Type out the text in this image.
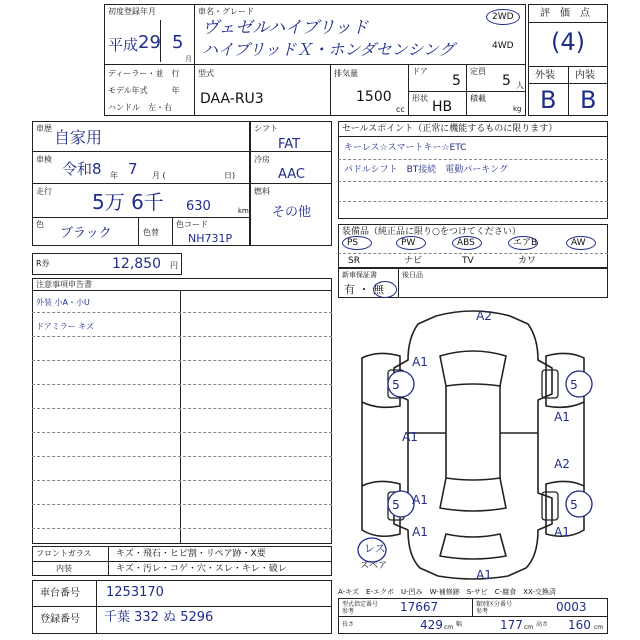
初度登録年月
平成 29 5
月
車名・グレード
ヴェゼルハイブリッド
ハイブリッドＸ・ホンダセンシング
2WD
4WD
ディーラー・並　行
モデル年式　　　年
ハンドル　左・右
型式
DAA-RU3
排気量
1500
cc
ドア
5
定員
5 人
形状
HB
積載
kg
評　価　点
(4)
外装 内装
B B
車歴 自家用
車検
令和8 年 7 月 (	日)
走行 5万 6千 630	km
色
ブラック	色替
色コード
NH731P
シフト
FAT
冷房
AAC
燃料
その他
R券	12,850 円
セールスポイント（正常に機能するものに限ります）
キーレス☆スマートキー☆ETC
パドルシフト　BT接続　電動パーキング
装備品（純正品に限り○をつけてください）
PS	PW	ABS	エアB	AW
SR	ナビ	TV	カワ
新車保証書	後日品
有 ・ 無
注意事項申告書
外装 小A・小U
ドアミラー キズ
フロントガラス	キズ・飛石・ヒビ割・リペア跡・X要
内装	キズ・汚レ・コゲ・穴・スレ・キレ・破レ
車台番号 1253170
登録番号 千葉 332 ぬ 5296
A2
A1
5	5
A1
A1
A2
5	5
A1	A1
A1
A1
スペア
レス
A-キズ　E-エクボ　U-凹み　W-補修跡　S-サビ　C-腐食　XX-交換済
型式指定番号
参考	17667	類別区分番号
参考	0003
長さ	429 cm 幅	177 cm 高さ 160 cm
